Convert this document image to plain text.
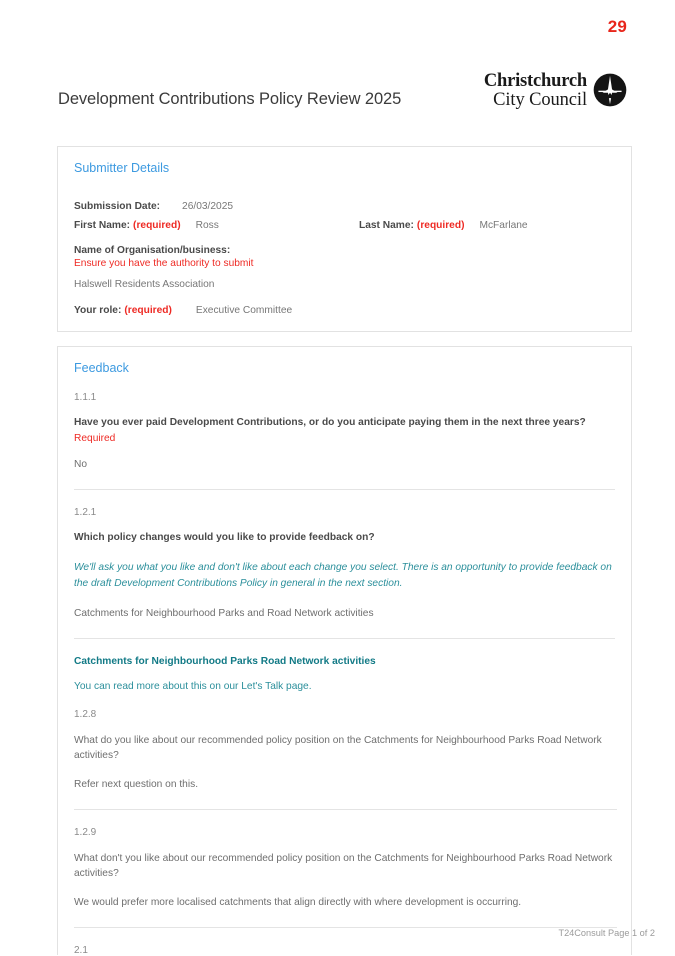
29
Christchurch
City Council
Development Contributions Policy Review 2025
Submitter Details
Submission Date: 26/03/2025
First Name: (required) Ross	Last Name: (required) McFarlane
Name of Organisation/business:
Ensure you have the authority to submit
Halswell Residents Association
Your role: (required) Executive Committee
Feedback
1.1.1
Have you ever paid Development Contributions, or do you anticipate paying them in the next three years?
Required
No
1.2.1
Which policy changes would you like to provide feedback on?
We'll ask you what you like and don't like about each change you select. There is an opportunity to provide feedback on the draft Development Contributions Policy in general in the next section.
Catchments for Neighbourhood Parks and Road Network activities
Catchments for Neighbourhood Parks Road Network activities
You can read more about this on our Let's Talk page.
1.2.8
What do you like about our recommended policy position on the Catchments for Neighbourhood Parks Road Network activities?
Refer next question on this.
1.2.9
What don't you like about our recommended policy position on the Catchments for Neighbourhood Parks Road Network activities?
We would prefer more localised catchments that align directly with where development is occurring.
2.1
T24Consult Page 1 of 2
